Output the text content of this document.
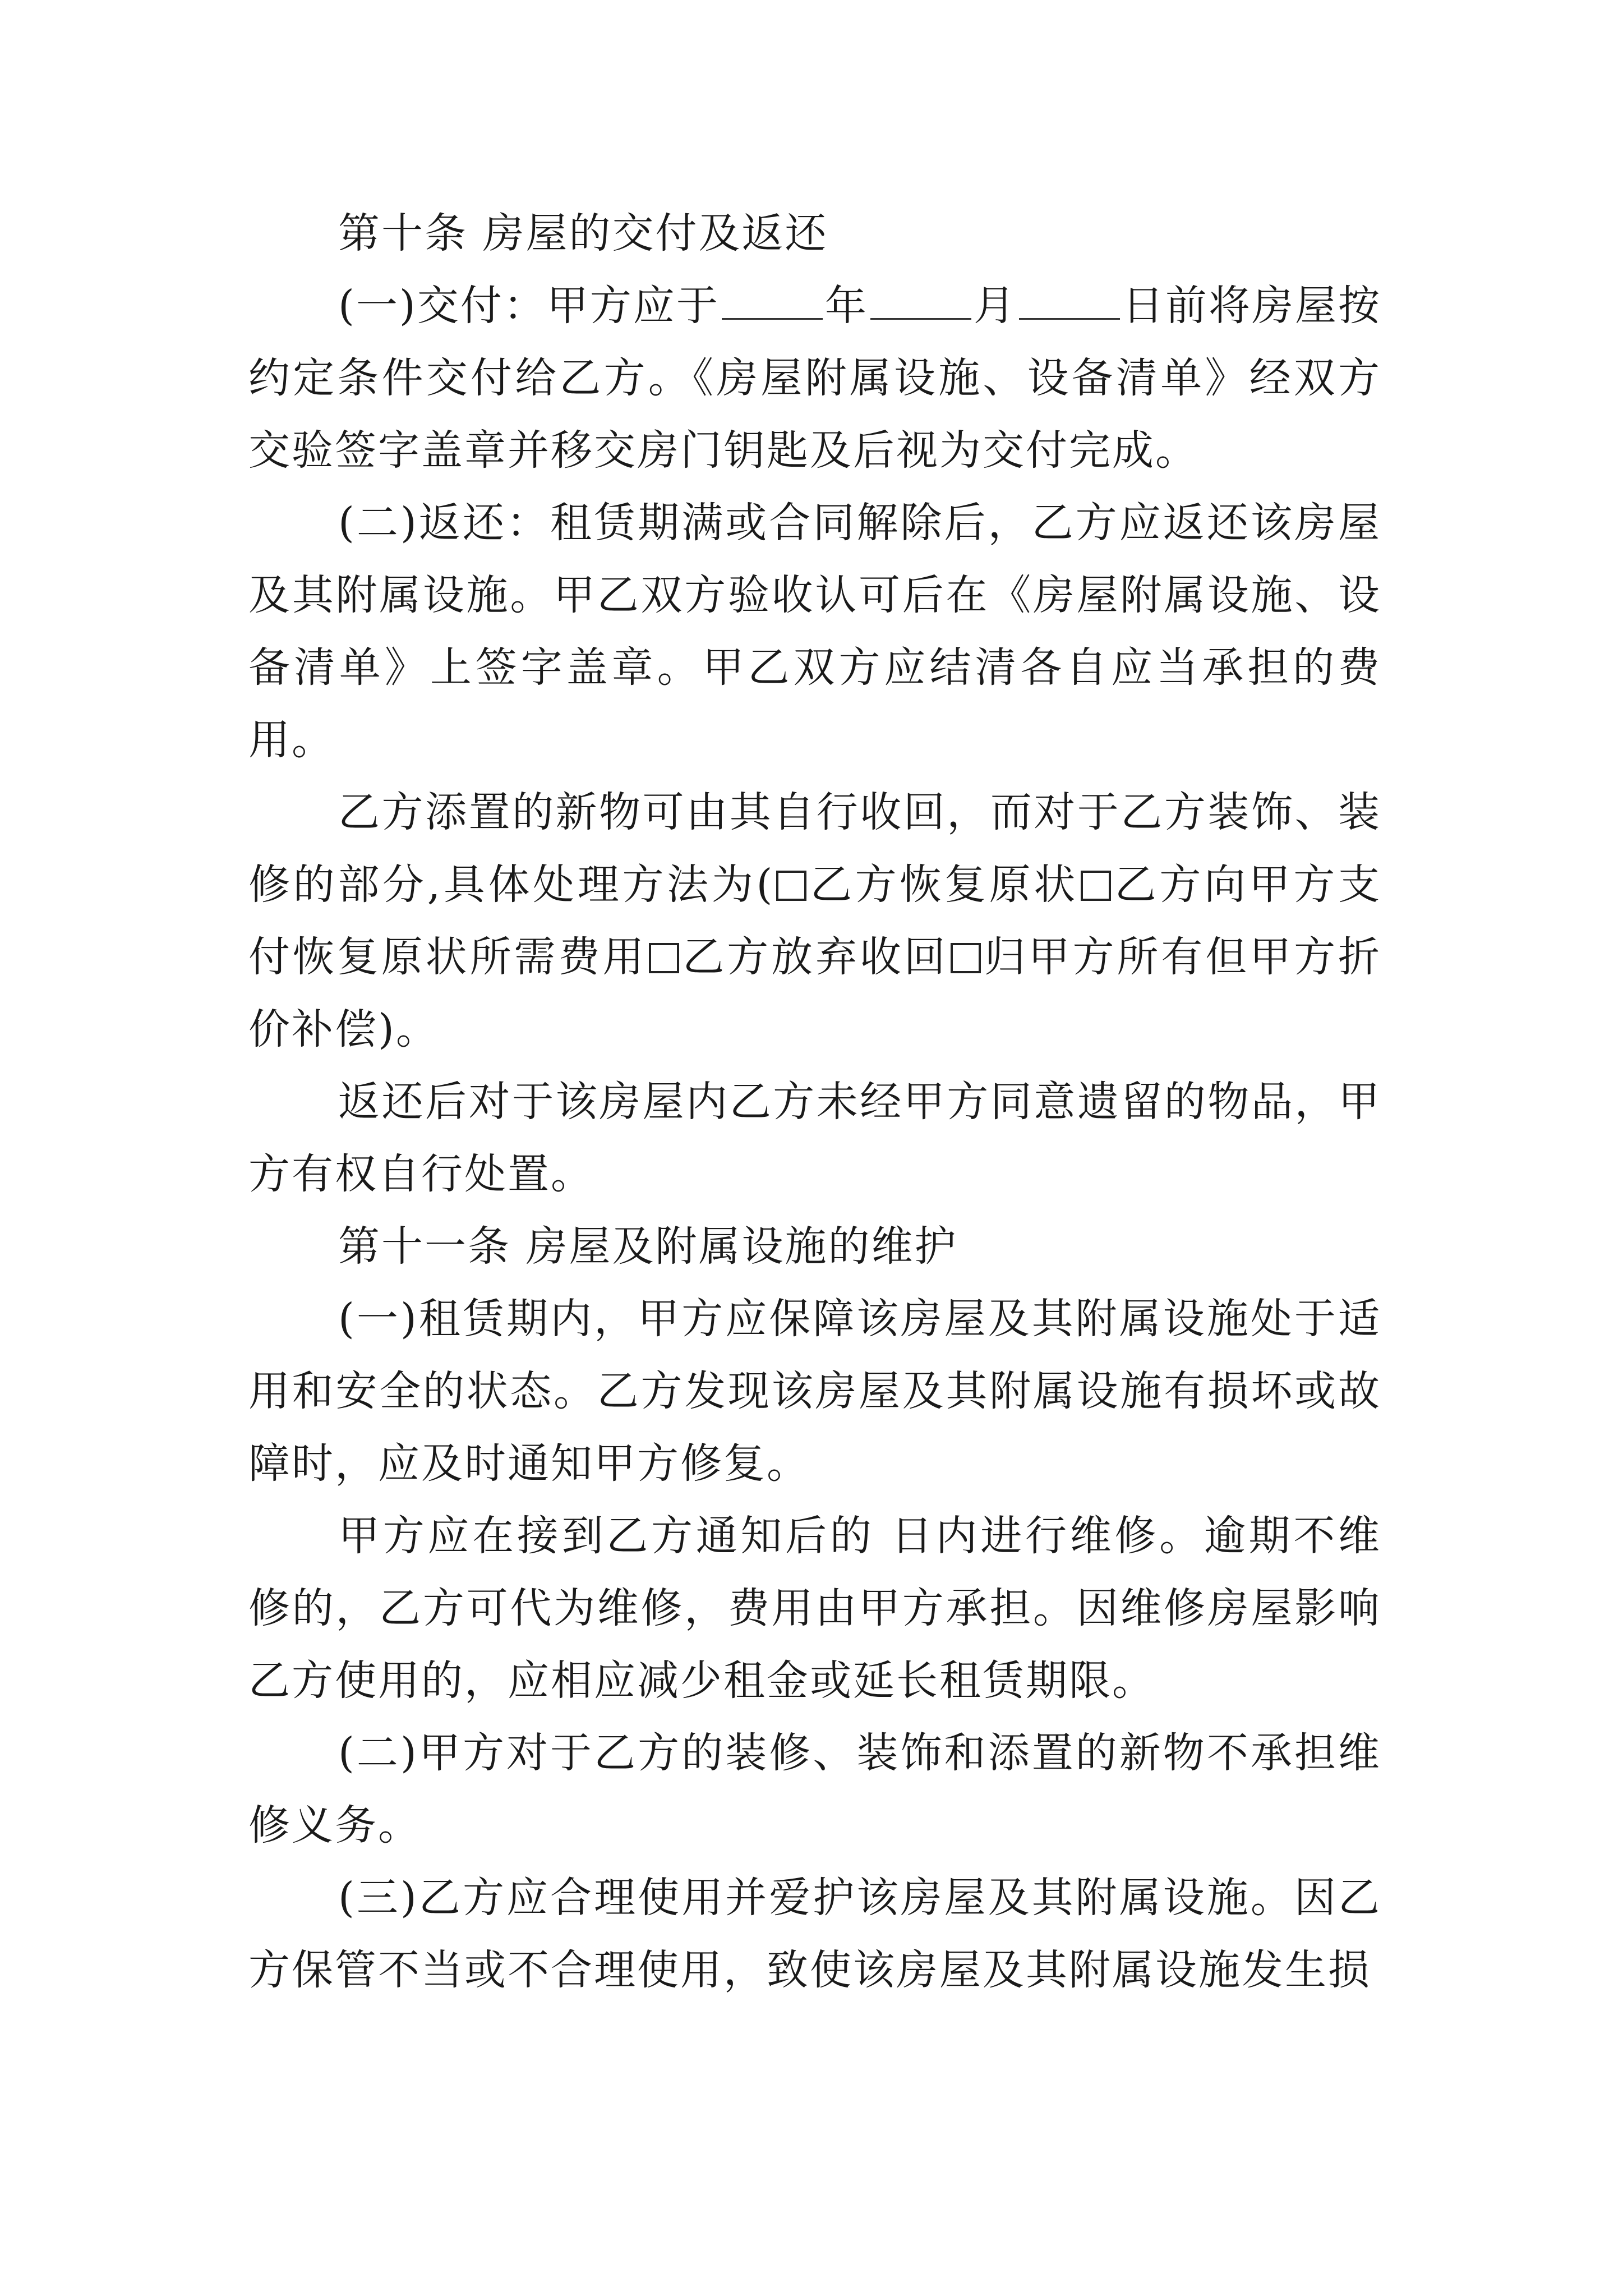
第十条 房屋的交付及返还

(一)交付：甲方应于	年	月	日前将房屋按约定条件交付给乙方。《房屋附属设施、设备清单》经双方交验签字盖章并移交房门钥匙及后视为交付完成。

(二)返还：租赁期满或合同解除后，乙方应返还该房屋及其附属设施。甲乙双方验收认可后在《房屋附属设施、设备清单》上签字盖章。甲乙双方应结清各自应当承担的费用。

乙方添置的新物可由其自行收回，而对于乙方装饰、装修的部分,具体处理方法为( 乙方恢复原状 乙方向甲方支付恢复原状所需费用 乙方放弃收回 归甲方所有但甲方折价补偿)。

返还后对于该房屋内乙方未经甲方同意遗留的物品，甲方有权自行处置。

第十一条 房屋及附属设施的维护

(一)租赁期内，甲方应保障该房屋及其附属设施处于适用和安全的状态。乙方发现该房屋及其附属设施有损坏或故障时，应及时通知甲方修复。

甲方应在接到乙方通知后的 日内进行维修。逾期不维修的，乙方可代为维修，费用由甲方承担。因维修房屋影响乙方使用的，应相应减少租金或延长租赁期限。

(二)甲方对于乙方的装修、装饰和添置的新物不承担维修义务。

(三)乙方应合理使用并爱护该房屋及其附属设施。因乙方保管不当或不合理使用，致使该房屋及其附属设施发生损
